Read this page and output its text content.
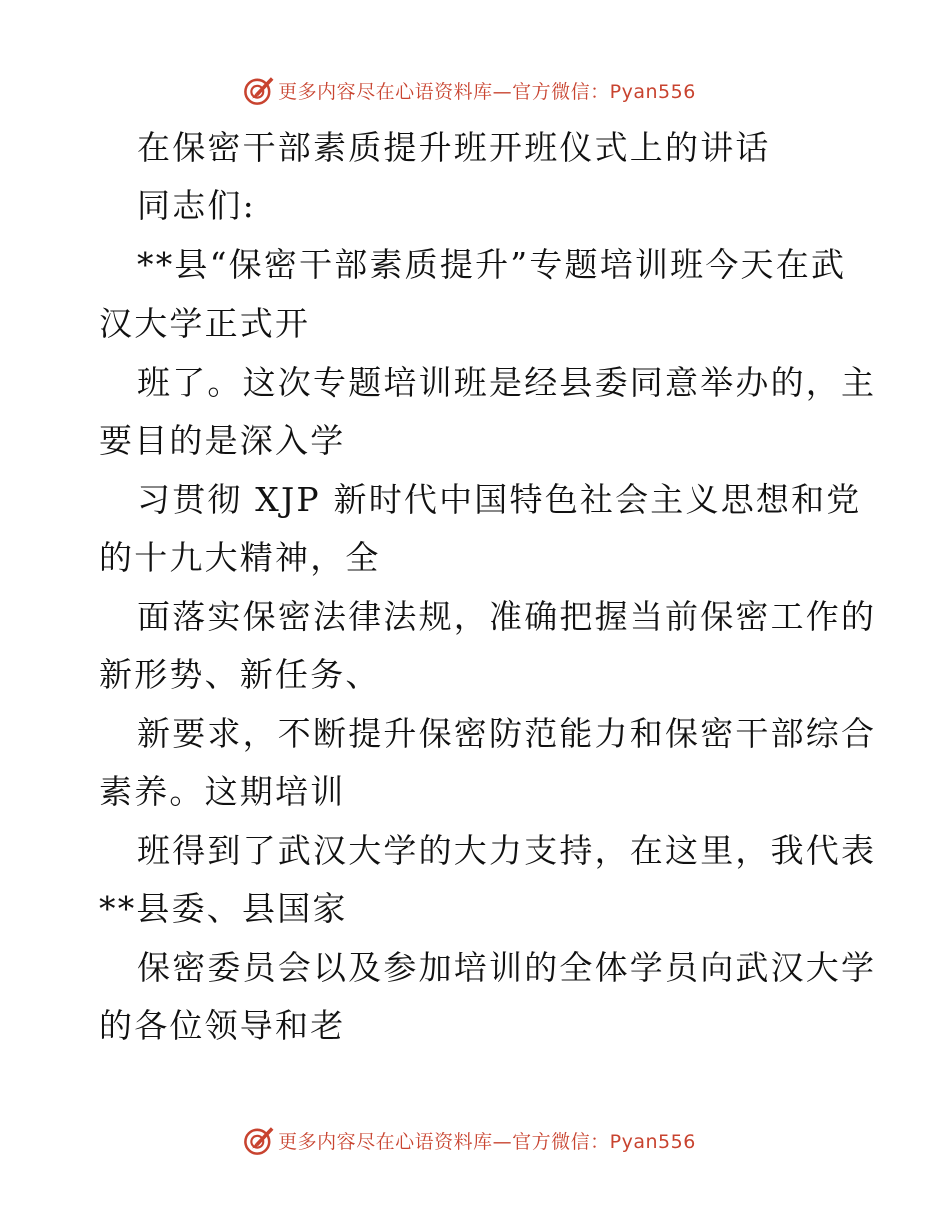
更多内容尽在心语资料库—官方微信：Pyan556
在保密干部素质提升班开班仪式上的讲话
同志们:
**县“保密干部素质提升”专题培训班今天在武
汉大学正式开
班了。这次专题培训班是经县委同意举办的，主
要目的是深入学
习贯彻 XJP 新时代中国特色社会主义思想和党
的十九大精神，全
面落实保密法律法规，准确把握当前保密工作的
新形势、新任务、
新要求，不断提升保密防范能力和保密干部综合
素养。这期培训
班得到了武汉大学的大力支持，在这里，我代表
**县委、县国家
保密委员会以及参加培训的全体学员向武汉大学
的各位领导和老
更多内容尽在心语资料库—官方微信：Pyan556
